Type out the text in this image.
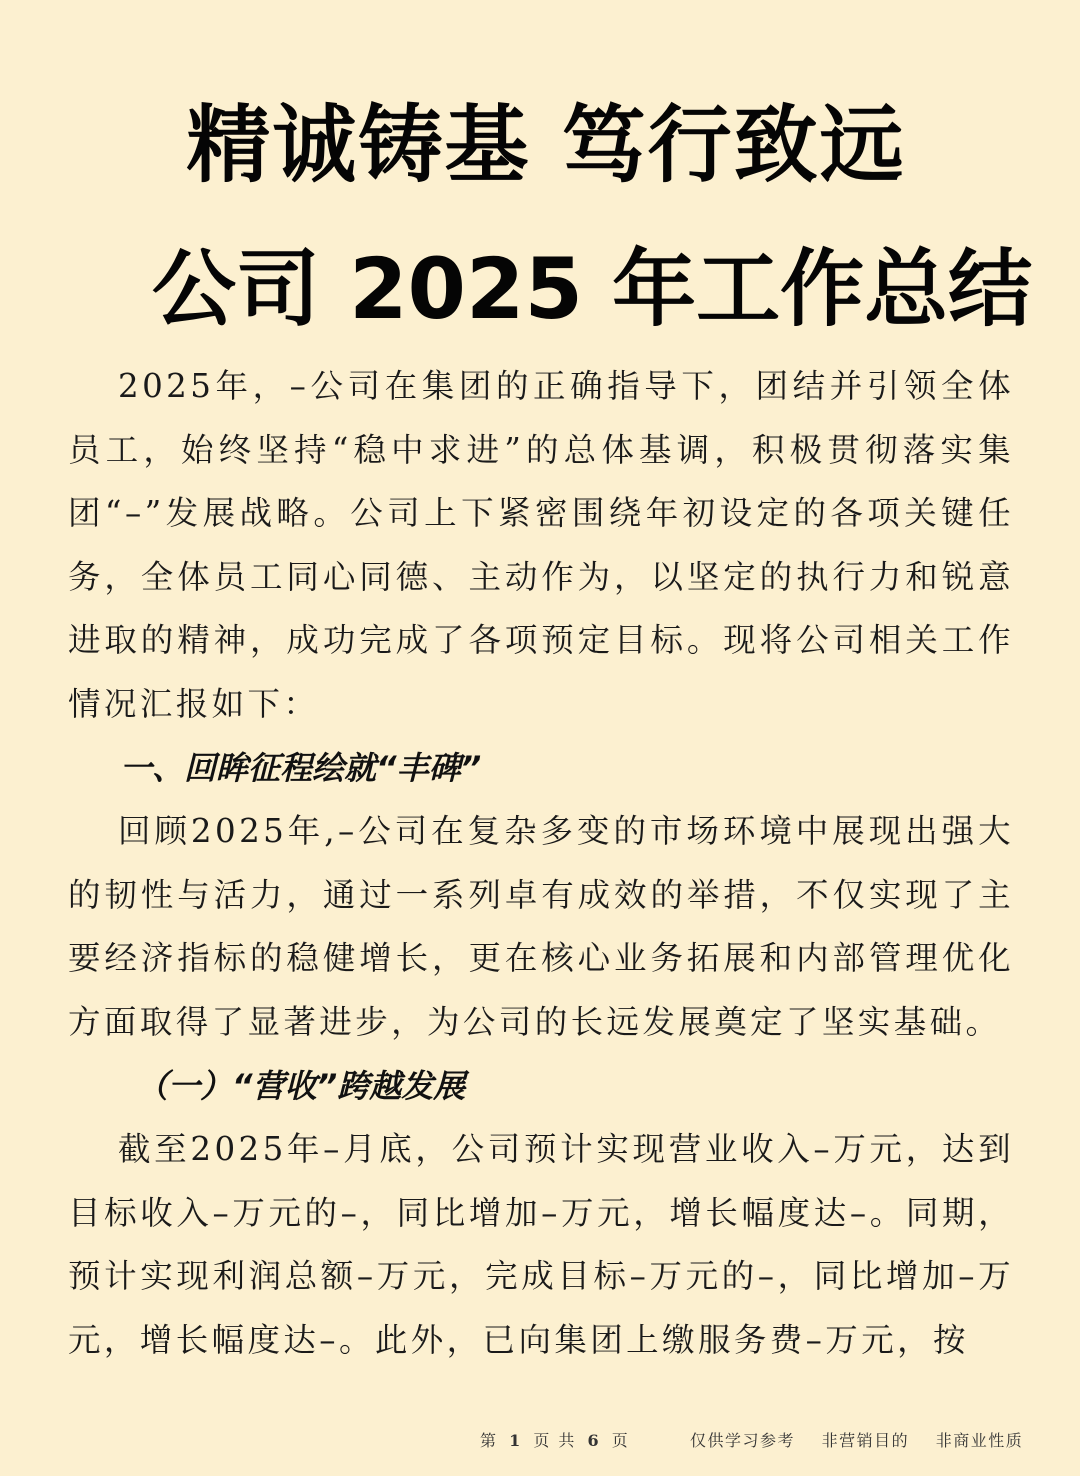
精诚铸基 笃行致远
公司 2025 年工作总结

2025年，–公司在集团的正确指导下，团结并引领全体员工，始终坚持“稳中求进”的总体基调，积极贯彻落实集团“–”发展战略。公司上下紧密围绕年初设定的各项关键任务，全体员工同心同德、主动作为，以坚定的执行力和锐意进取的精神，成功完成了各项预定目标。现将公司相关工作情况汇报如下：

一、回眸征程绘就“丰碑”

回顾2025年,–公司在复杂多变的市场环境中展现出强大的韧性与活力，通过一系列卓有成效的举措，不仅实现了主要经济指标的稳健增长，更在核心业务拓展和内部管理优化方面取得了显著进步，为公司的长远发展奠定了坚实基础。

（一）“营收”跨越发展

截至2025年–月底，公司预计实现营业收入–万元，达到目标收入–万元的–，同比增加–万元，增长幅度达–。同期，预计实现利润总额–万元，完成目标–万元的–，同比增加–万元，增长幅度达–。此外，已向集团上缴服务费–万元，按

第 1 页 共 6 页	仅供学习参考 非营销目的 非商业性质
